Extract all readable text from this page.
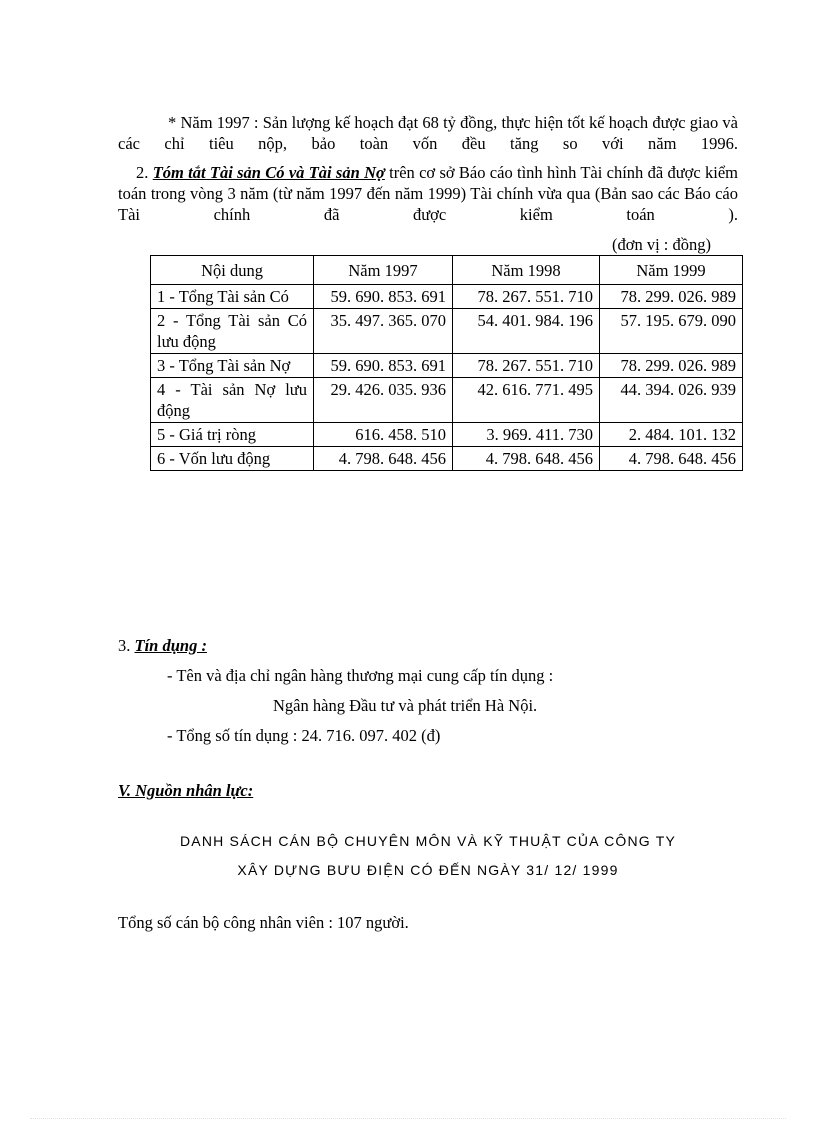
* Năm 1997 : Sản lượng kế hoạch đạt 68 tỷ đồng, thực hiện tốt kế hoạch được giao và các chỉ tiêu nộp, bảo toàn vốn đều tăng so với năm 1996.

2. Tóm tắt Tài sản Có và Tài sản Nợ trên cơ sở Báo cáo tình hình Tài chính đã được kiểm toán trong vòng 3 năm (từ năm 1997 đến năm 1999) Tài chính vừa qua (Bản sao các Báo cáo Tài chính đã được kiểm toán ).

(đơn vị : đồng)
Nội dung	Năm 1997	Năm 1998	Năm 1999
1 - Tổng Tài sản Có	59. 690. 853. 691	78. 267. 551. 710	78. 299. 026. 989
2 - Tổng Tài sản Có lưu động	35. 497. 365. 070	54. 401. 984. 196	57. 195. 679. 090
3 - Tổng Tài sản Nợ	59. 690. 853. 691	78. 267. 551. 710	78. 299. 026. 989
4 - Tài sản Nợ lưu động	29. 426. 035. 936	42. 616. 771. 495	44. 394. 026. 939
5 - Giá trị ròng	616. 458. 510	3. 969. 411. 730	2. 484. 101. 132
6 - Vốn lưu động	4. 798. 648. 456	4. 798. 648. 456	4. 798. 648. 456
3. Tín dụng :
- Tên và địa chỉ ngân hàng thương mại cung cấp tín dụng :
Ngân hàng Đầu tư và phát triển Hà Nội.
- Tổng số tín dụng : 24. 716. 097. 402 (đ)
V. Nguồn nhân lực:
DANH SÁCH CÁN BỘ CHUYÊN MÔN VÀ KỸ THUẬT CỦA CÔNG TY
XÂY DỰNG BƯU ĐIỆN CÓ ĐẾN NGÀY 31/ 12/ 1999
Tổng số cán bộ công nhân viên : 107 người.
